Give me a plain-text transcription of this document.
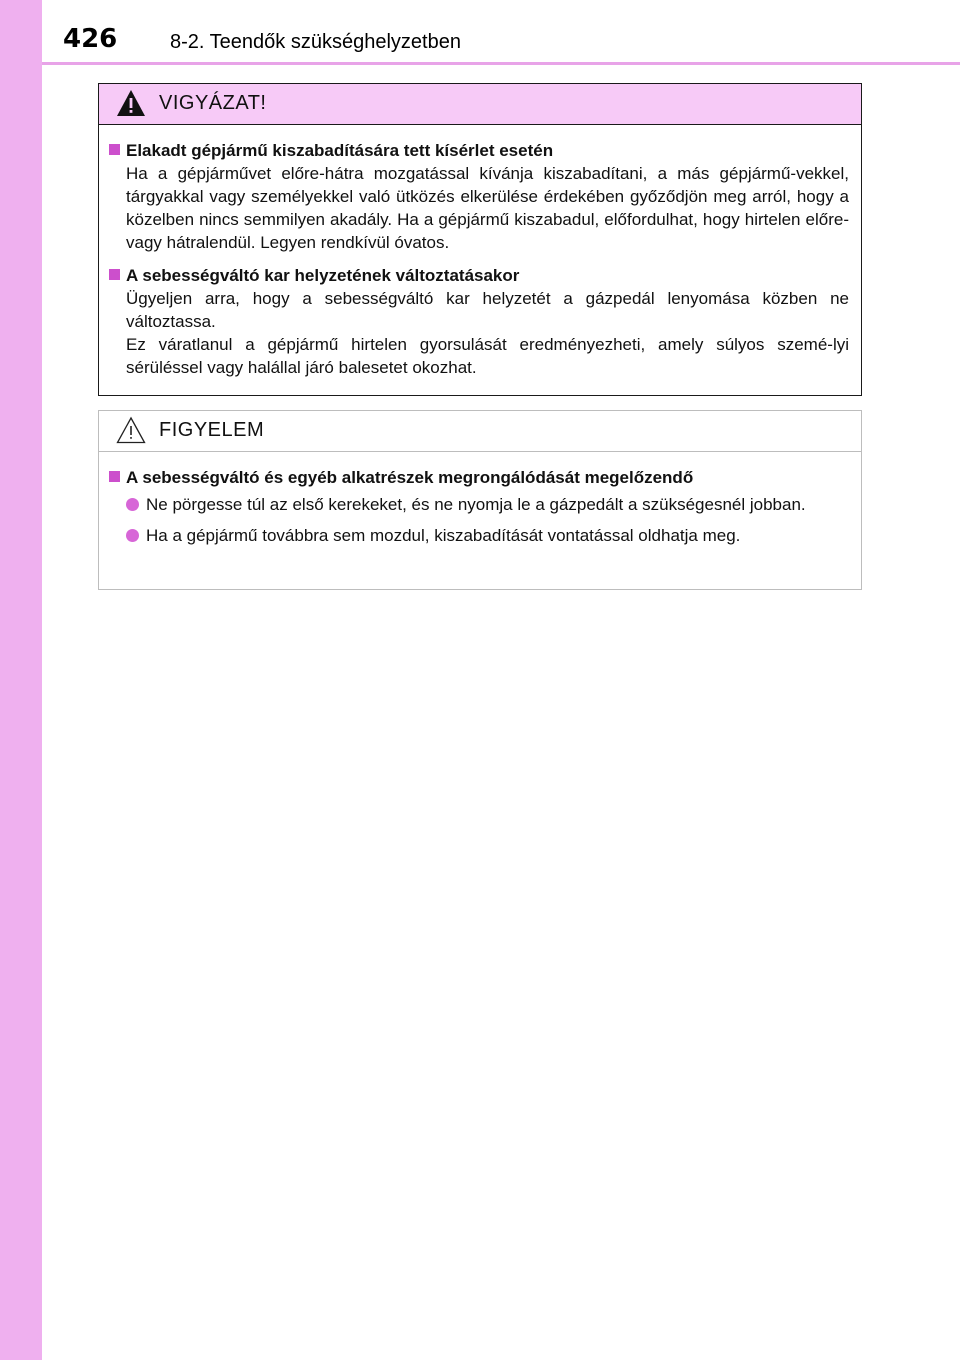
426	8-2. Teendők szükséghelyzetben
VIGYÁZAT!
Elakadt gépjármű kiszabadítására tett kísérlet esetén
Ha a gépjárművet előre-hátra mozgatással kívánja kiszabadítani, a más gépjármű-vekkel, tárgyakkal vagy személyekkel való ütközés elkerülése érdekében győződjön meg arról, hogy a közelben nincs semmilyen akadály. Ha a gépjármű kiszabadul, előfordulhat, hogy hirtelen előre- vagy hátralendül. Legyen rendkívül óvatos.
A sebességváltó kar helyzetének változtatásakor
Ügyeljen arra, hogy a sebességváltó kar helyzetét a gázpedál lenyomása közben ne változtassa.
Ez váratlanul a gépjármű hirtelen gyorsulását eredményezheti, amely súlyos szemé-lyi sérüléssel vagy halállal járó balesetet okozhat.
FIGYELEM
A sebességváltó és egyéb alkatrészek megrongálódását megelőzendő
Ne pörgesse túl az első kerekeket, és ne nyomja le a gázpedált a szükségesnél jobban.
Ha a gépjármű továbbra sem mozdul, kiszabadítását vontatással oldhatja meg.
